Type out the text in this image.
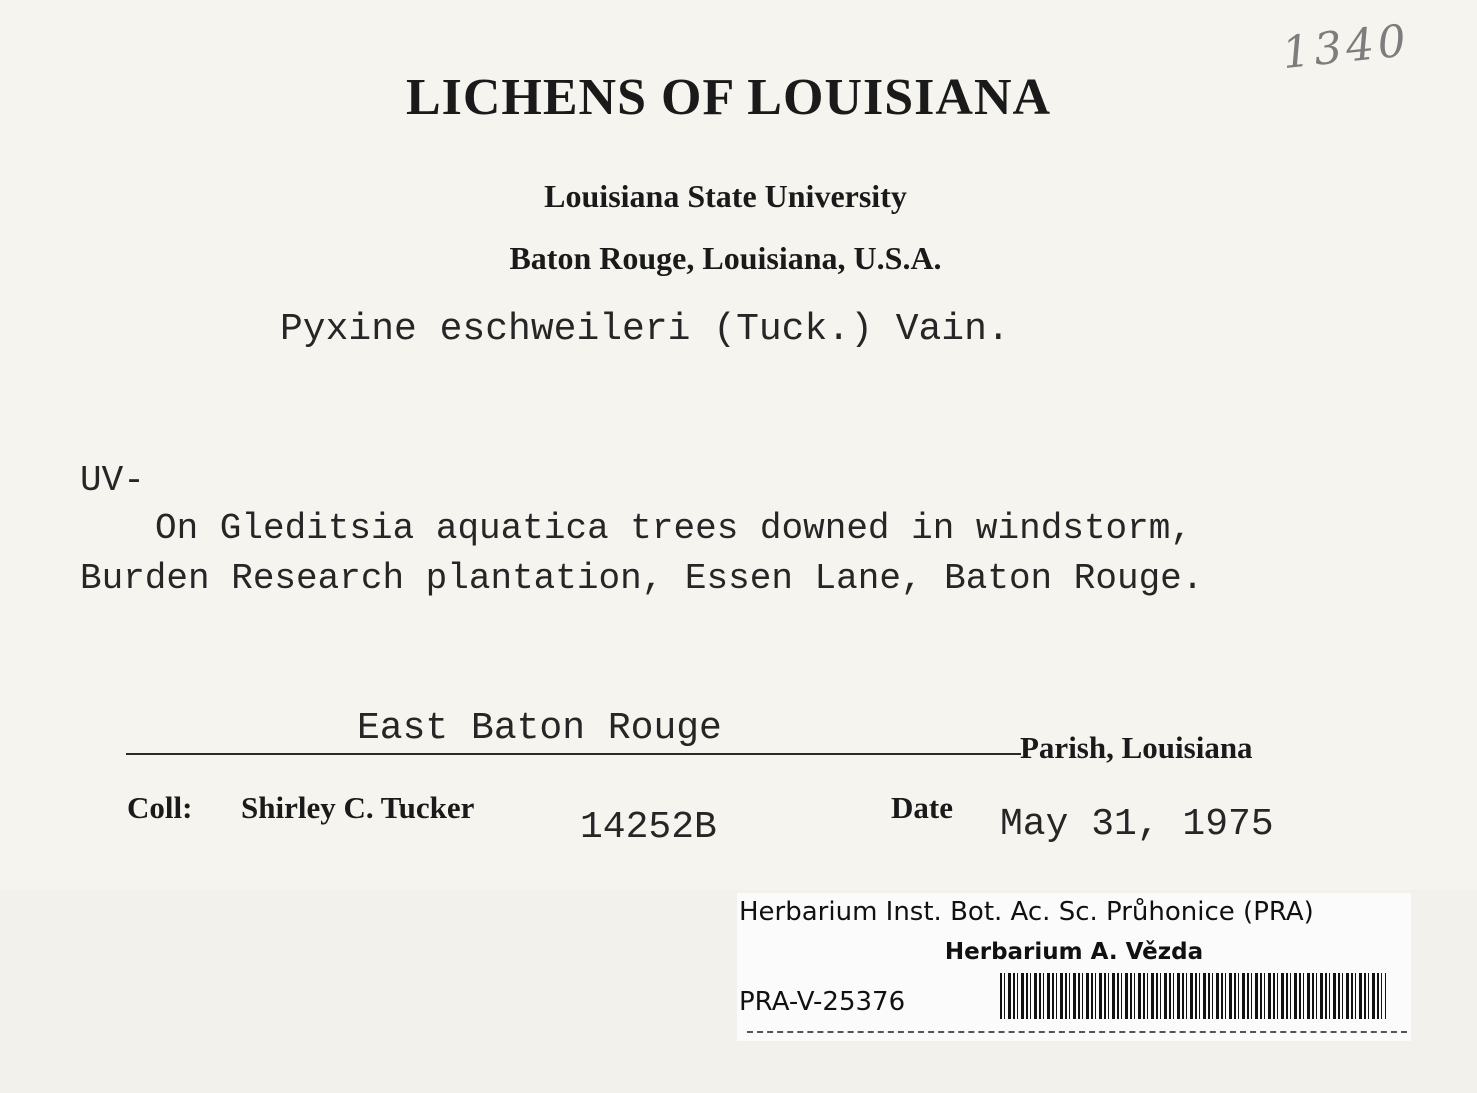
1340
LICHENS OF LOUISIANA
Louisiana State University
Baton Rouge, Louisiana, U.S.A.
Pyxine eschweileri (Tuck.) Vain.
UV-
On Gleditsia aquatica trees downed in windstorm,
Burden Research plantation, Essen Lane, Baton Rouge.
East Baton Rouge	Parish, Louisiana
Coll: Shirley C. Tucker	14252B	Date May 31, 1975
Herbarium Inst. Bot. Ac. Sc. Průhonice (PRA)
Herbarium A. Vězda
PRA-V-25376
